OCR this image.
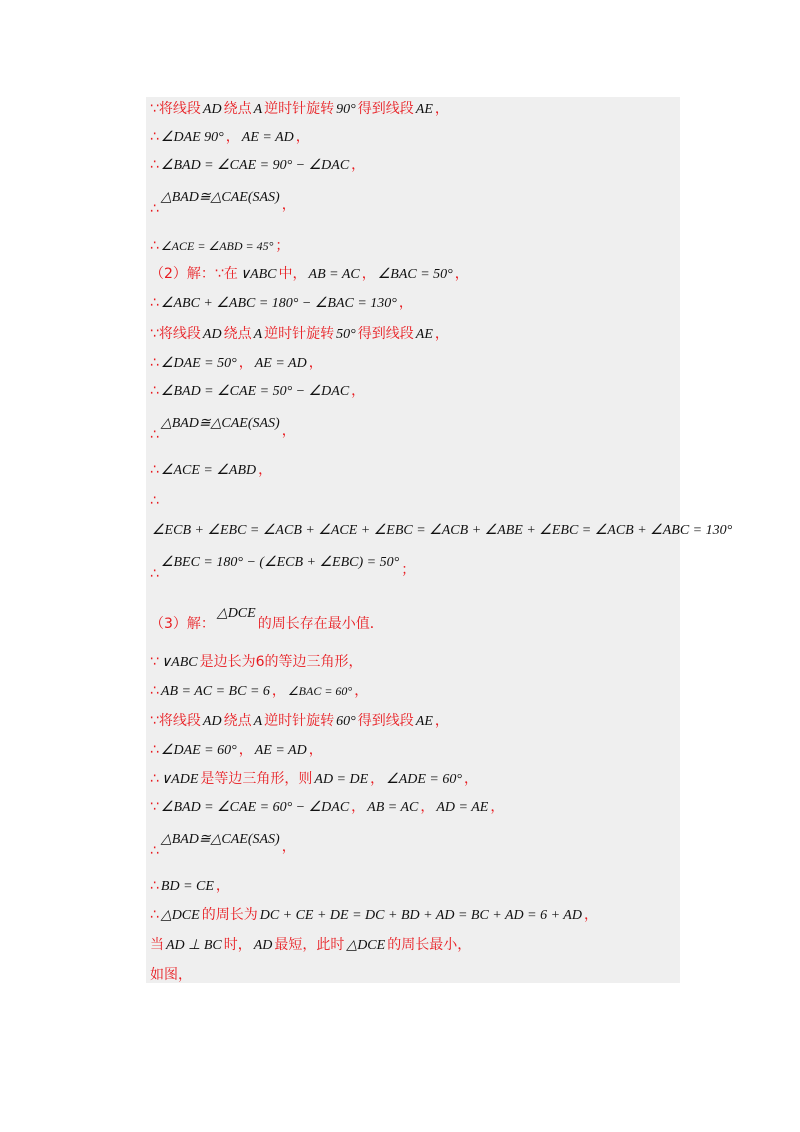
∵将线段 AD 绕点 A 逆时针旋转 90° 得到线段 AE ，
∴ ∠DAE 90° ， AE = AD ，
∴ ∠BAD = ∠CAE = 90° − ∠DAC ，
∴△BAD≅△CAE(SAS) ，
∴ ∠ACE = ∠ABD = 45° ；
（2）解：∵在 ∨ABC 中， AB = AC ， ∠BAC = 50° ，
∴ ∠ABC + ∠ABC = 180° − ∠BAC = 130° ，
∵将线段 AD 绕点 A 逆时针旋转 50° 得到线段 AE ，
∴ ∠DAE = 50° ， AE = AD ，
∴ ∠BAD = ∠CAE = 50° − ∠DAC ，
∴△BAD≅△CAE(SAS) ，
∴ ∠ACE = ∠ABD ，
∴
∠ECB + ∠EBC = ∠ACB + ∠ACE + ∠EBC = ∠ACB + ∠ABE + ∠EBC = ∠ACB + ∠ABC = 130°
∴∠BEC = 180° − (∠ECB + ∠EBC) = 50° ；
（3）解：△DCE的周长存在最小值．
∵ ∨ABC 是边长为6的等边三角形，
∴ AB = AC = BC = 6 ， ∠BAC = 60° ，
∵将线段 AD 绕点 A 逆时针旋转 60° 得到线段 AE ，
∴ ∠DAE = 60° ， AE = AD ，
∴ ∨ADE 是等边三角形，则 AD = DE ， ∠ADE = 60° ，
∵ ∠BAD = ∠CAE = 60° − ∠DAC ， AB = AC ， AD = AE ，
∴△BAD≅△CAE(SAS) ，
∴ BD = CE ，
∴ △DCE 的周长为 DC + CE + DE = DC + BD + AD = BC + AD = 6 + AD ，
当 AD ⊥ BC 时， AD 最短，此时 △DCE 的周长最小，
如图，
